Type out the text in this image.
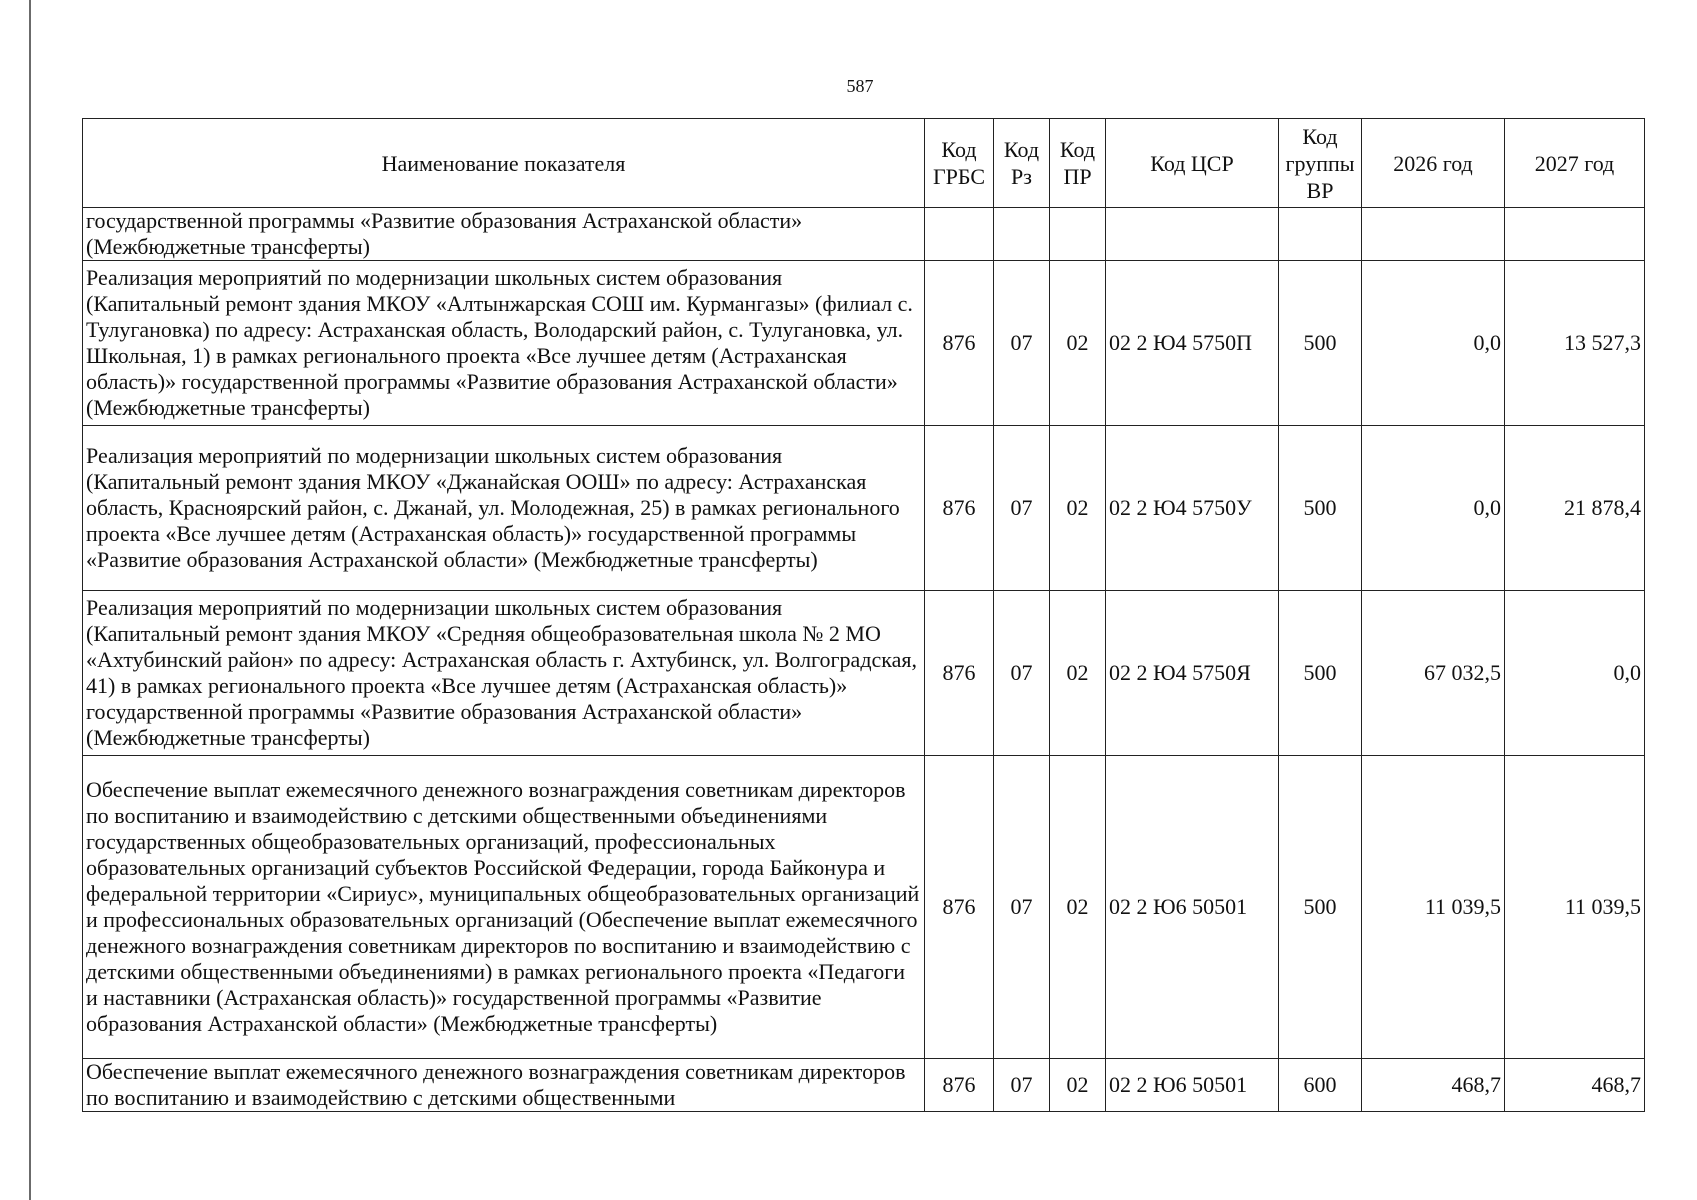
587
Наименование показателя	Код ГРБС	Код Рз	Код ПР	Код ЦСР	Код группы ВР	2026 год	2027 год
государственной программы «Развитие образования Астраханской области» (Межбюджетные трансферты)							
Реализация мероприятий по модернизации школьных систем образования (Капитальный ремонт здания МКОУ «Алтынжарская СОШ им. Курмангазы» (филиал с. Тулугановка) по адресу: Астраханская область, Володарский район, с. Тулугановка, ул. Школьная, 1) в рамках регионального проекта «Все лучшее детям (Астраханская область)» государственной программы «Развитие образования Астраханской области» (Межбюджетные трансферты)	876	07	02	02 2 Ю4 5750П	500	0,0	13 527,3
Реализация мероприятий по модернизации школьных систем образования (Капитальный ремонт здания МКОУ «Джанайская ООШ» по адресу: Астраханская область, Красноярский район, с. Джанай, ул. Молодежная, 25) в рамках регионального проекта «Все лучшее детям (Астраханская область)» государственной программы «Развитие образования Астраханской области» (Межбюджетные трансферты)	876	07	02	02 2 Ю4 5750У	500	0,0	21 878,4
Реализация мероприятий по модернизации школьных систем образования (Капитальный ремонт здания МКОУ «Средняя общеобразовательная школа № 2 МО «Ахтубинский район» по адресу: Астраханская область г. Ахтубинск, ул. Волгоградская, 41) в рамках регионального проекта «Все лучшее детям (Астраханская область)» государственной программы «Развитие образования Астраханской области» (Межбюджетные трансферты)	876	07	02	02 2 Ю4 5750Я	500	67 032,5	0,0
Обеспечение выплат ежемесячного денежного вознаграждения советникам директоров по воспитанию и взаимодействию с детскими общественными объединениями государственных общеобразовательных организаций, профессиональных образовательных организаций субъектов Российской Федерации, города Байконура и федеральной территории «Сириус», муниципальных общеобразовательных организаций и профессиональных образовательных организаций (Обеспечение выплат ежемесячного денежного вознаграждения советникам директоров по воспитанию и взаимодействию с детскими общественными объединениями) в рамках регионального проекта «Педагоги и наставники (Астраханская область)» государственной программы «Развитие образования Астраханской области» (Межбюджетные трансферты)	876	07	02	02 2 Ю6 50501	500	11 039,5	11 039,5
Обеспечение выплат ежемесячного денежного вознаграждения советникам директоров по воспитанию и взаимодействию с детскими общественными	876	07	02	02 2 Ю6 50501	600	468,7	468,7
